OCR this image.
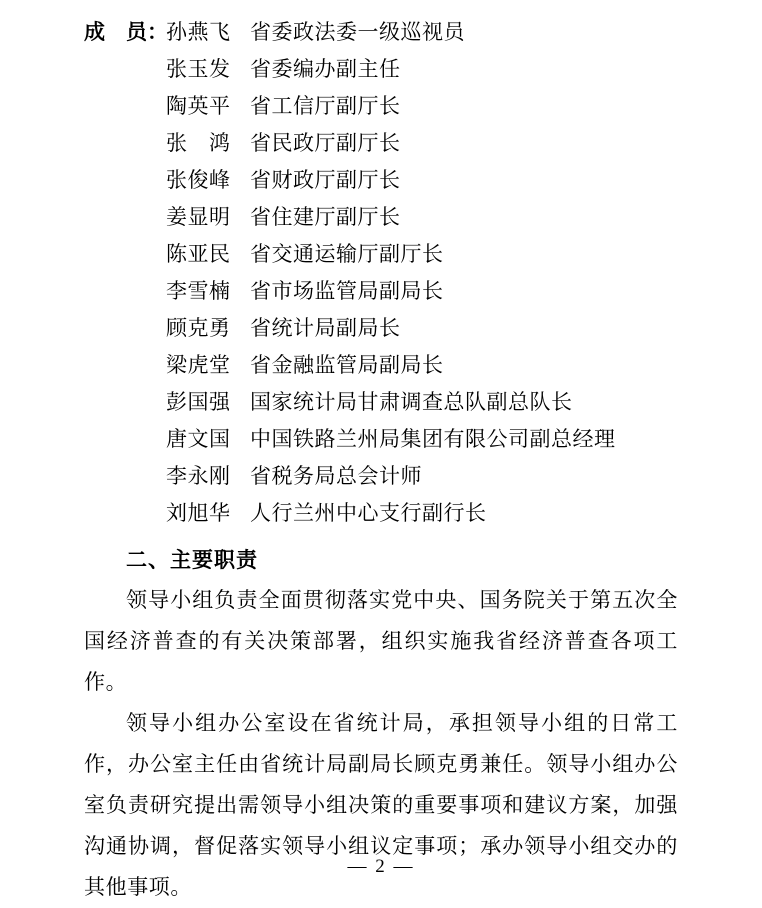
成　员：
孙燕飞 省委政法委一级巡视员
张玉发 省委编办副主任
陶英平 省工信厅副厅长
张　鸿 省民政厅副厅长
张俊峰 省财政厅副厅长
姜显明 省住建厅副厅长
陈亚民 省交通运输厅副厅长
李雪楠 省市场监管局副局长
顾克勇 省统计局副局长
梁虎堂 省金融监管局副局长
彭国强 国家统计局甘肃调查总队副总队长
唐文国 中国铁路兰州局集团有限公司副总经理
李永刚 省税务局总会计师
刘旭华 人行兰州中心支行副行长
二、主要职责

领导小组负责全面贯彻落实党中央、国务院关于第五次全国经济普查的有关决策部署，组织实施我省经济普查各项工作。

领导小组办公室设在省统计局，承担领导小组的日常工作，办公室主任由省统计局副局长顾克勇兼任。领导小组办公室负责研究提出需领导小组决策的重要事项和建议方案，加强沟通协调，督促落实领导小组议定事项；承办领导小组交办的其他事项。

— 2 —
